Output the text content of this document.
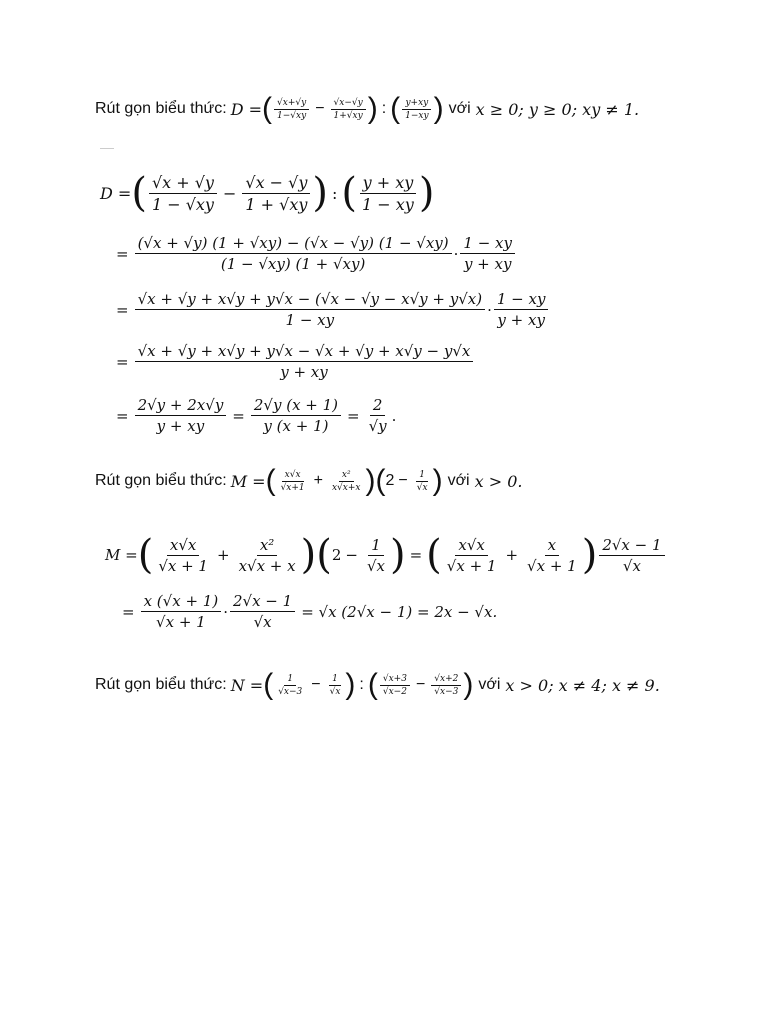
Rút gọn biểu thức: D = ( $\frac{√x+√y}{1-√xy} - \frac{√x-√y}{1+√xy}$ ) : ( $\frac{y+xy}{1-xy}$ ) với x ≥ 0; y ≥ 0; xy ≠ 1.
D = ( $\frac{√x + √y}{1 - √xy} - \frac{√x - √y}{1 + √xy}$ ) : ( $\frac{y + xy}{1 - xy}$ )
= $\frac{(√x + √y) (1 + √xy) - (√x - √y) (1 - √xy)}{(1 - √xy) (1 + √xy)} \cdot \frac{1 - xy}{y + xy}$
= $\frac{√x + √y + x√y + y√x - (√x - √y - x√y + y√x)}{1 - xy} \cdot \frac{1 - xy}{y + xy}$
= $\frac{√x + √y + x√y + y√x - √x + √y + x√y - y√x}{y + xy}$
= $\frac{2√y + 2x√y}{y + xy} = \frac{2√y (x + 1)}{y (x + 1)} = \frac{2}{√y}$ .
Rút gọn biểu thức: M = ( $\frac{x√x}{√x+1} + \frac{\text{x²}}{x√x+x}$ ) ( $2 - \frac{1}{√x}$ ) với x > 0.
M = ( $\frac{x√x}{√x + 1} + \frac{\text{x²}}{x√x + x}$ ) ( $2 - \frac{1}{√x}$ ) = ( $\frac{x√x}{√x + 1} + \frac{x}{√x + 1}$ ) $\frac{2√x - 1}{√x}$
= $\frac{x (√x + 1)}{√x + 1} \cdot \frac{2√x - 1}{√x} = √x$ (2√x − 1) = 2x − √x.
Rút gọn biểu thức: N = ( $\frac{1}{√x-3} - \frac{1}{√x}$ ) : ( $\frac{√x+3}{√x-2} - \frac{√x+2}{√x-3}$ ) với x > 0; x ≠ 4; x ≠ 9.
